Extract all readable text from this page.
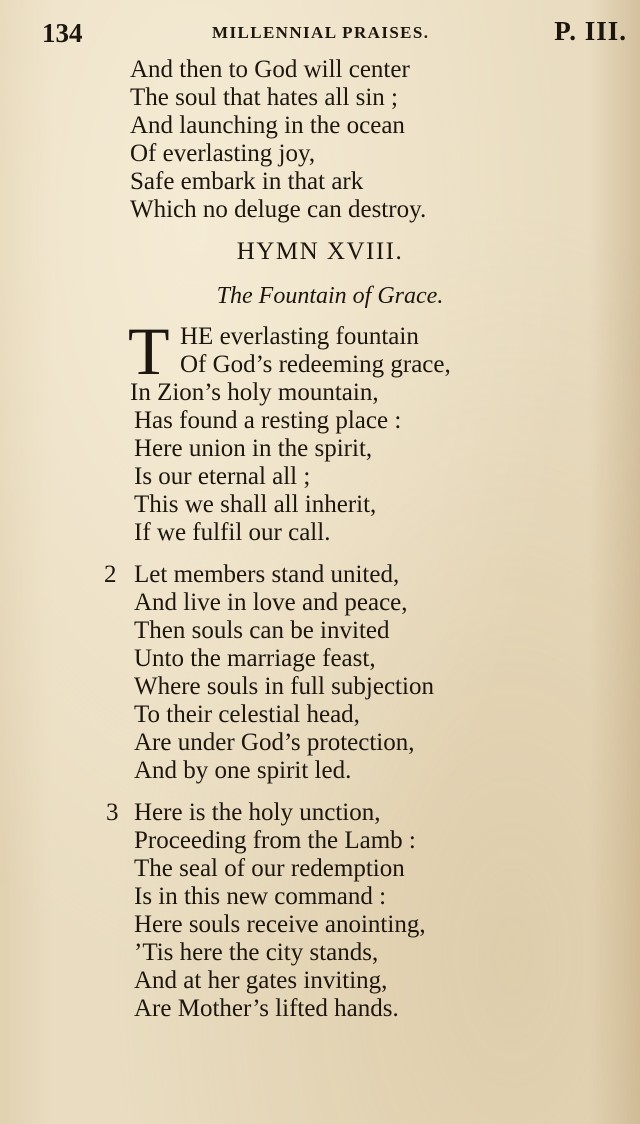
134	MILLENNIAL PRAISES.	P. III.
And then to God will center
The soul that hates all sin ;
And launching in the ocean
Of everlasting joy,
Safe embark in that ark
Which no deluge can destroy.
HYMN XVIII.
The Fountain of Grace.
T HE everlasting fountain
Of God’s redeeming grace,
In Zion’s holy mountain,
Has found a resting place :
Here union in the spirit,
Is our eternal all ;
This we shall all inherit,
If we fulfil our call.
2 Let members stand united,
And live in love and peace,
Then souls can be invited
Unto the marriage feast,
Where souls in full subjection
To their celestial head,
Are under God’s protection,
And by one spirit led.
3 Here is the holy unction,
Proceeding from the Lamb :
The seal of our redemption
Is in this new command :
Here souls receive anointing,
’Tis here the city stands,
And at her gates inviting,
Are Mother’s lifted hands.
